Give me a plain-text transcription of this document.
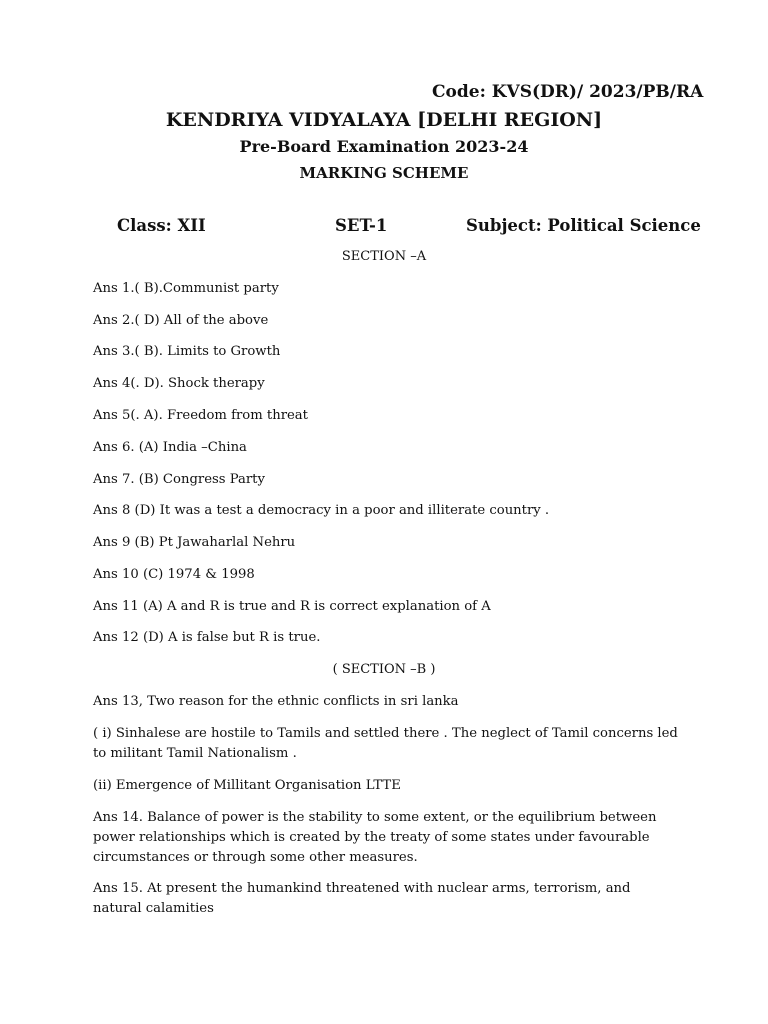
Code: KVS(DR)/ 2023/PB/RA
KENDRIYA VIDYALAYA [DELHI REGION]
Pre-Board Examination 2023-24
MARKING SCHEME
Class: XII	SET-1	Subject: Political Science
SECTION –A
Ans 1.( B).Communist party
Ans 2.( D) All of the above
Ans 3.( B). Limits to Growth
Ans 4(. D). Shock therapy
Ans 5(. A). Freedom from threat
Ans 6. (A) India –China
Ans 7. (B) Congress Party
Ans 8 (D) It was a test a democracy in a poor and illiterate country .
Ans 9 (B) Pt Jawaharlal Nehru
Ans 10 (C) 1974 & 1998
Ans 11 (A) A and R is true and R is correct explanation of A
Ans 12 (D) A is false but R is true.
( SECTION –B )
Ans 13, Two reason for the ethnic conflicts in sri lanka
( i) Sinhalese are hostile to Tamils and settled there . The neglect of Tamil concerns led to militant Tamil Nationalism .
(ii) Emergence of Millitant Organisation LTTE
Ans 14. Balance of power is the stability to some extent, or the equilibrium between power relationships which is created by the treaty of some states under favourable circumstances or through some other measures.
Ans 15. At present the humankind threatened with nuclear arms, terrorism, and natural calamities
